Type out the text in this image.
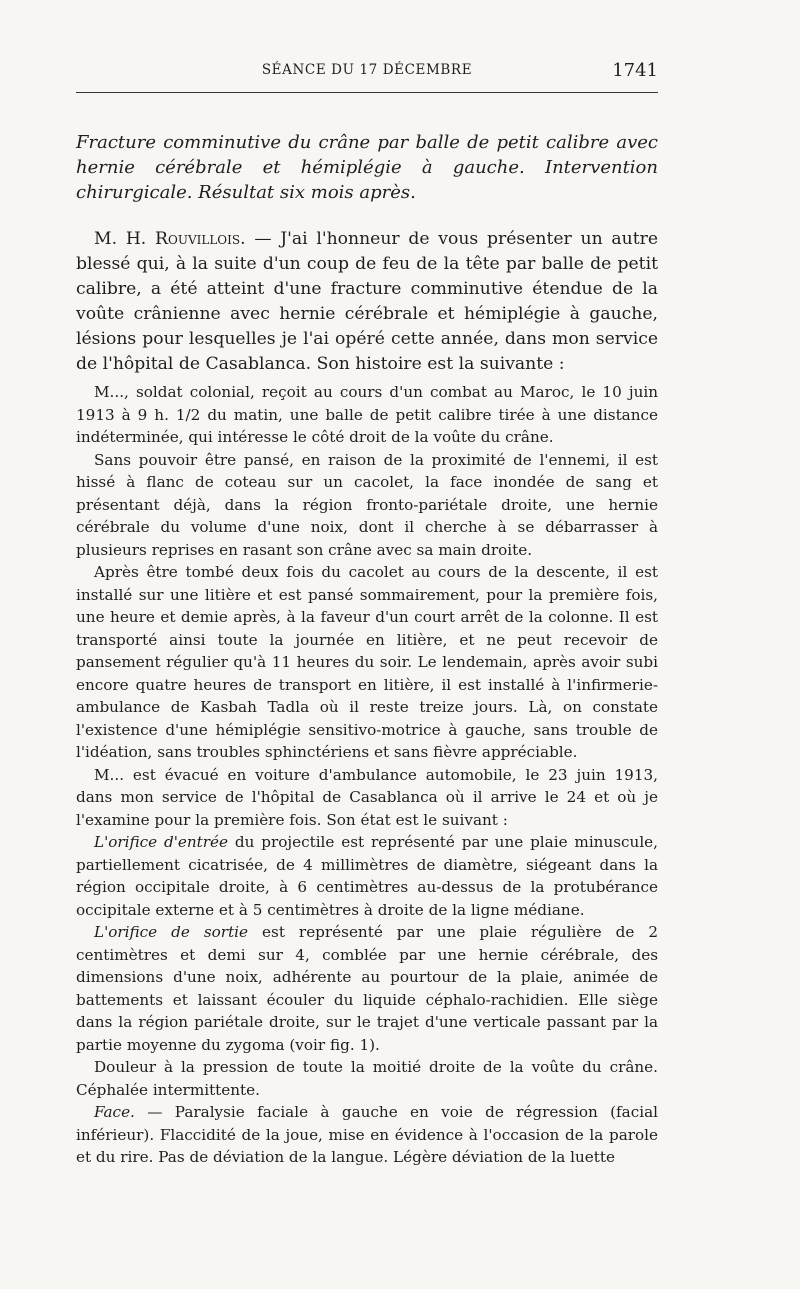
SÉANCE DU 17 DÉCEMBRE	1741
Fracture comminutive du crâne par balle de petit calibre avec hernie cérébrale et hémiplégie à gauche. Intervention chirurgicale. Résultat six mois après.
M. H. Rouvillois. — J'ai l'honneur de vous présenter un autre blessé qui, à la suite d'un coup de feu de la tête par balle de petit calibre, a été atteint d'une fracture comminutive étendue de la voûte crânienne avec hernie cérébrale et hémiplégie à gauche, lésions pour lesquelles je l'ai opéré cette année, dans mon service de l'hôpital de Casablanca. Son histoire est la suivante :

M..., soldat colonial, reçoit au cours d'un combat au Maroc, le 10 juin 1913 à 9 h. 1/2 du matin, une balle de petit calibre tirée à une distance indéterminée, qui intéresse le côté droit de la voûte du crâne.

Sans pouvoir être pansé, en raison de la proximité de l'ennemi, il est hissé à flanc de coteau sur un cacolet, la face inondée de sang et présentant déjà, dans la région fronto-pariétale droite, une hernie cérébrale du volume d'une noix, dont il cherche à se débarrasser à plusieurs reprises en rasant son crâne avec sa main droite.

Après être tombé deux fois du cacolet au cours de la descente, il est installé sur une litière et est pansé sommairement, pour la première fois, une heure et demie après, à la faveur d'un court arrêt de la colonne. Il est transporté ainsi toute la journée en litière, et ne peut recevoir de pansement régulier qu'à 11 heures du soir. Le lendemain, après avoir subi encore quatre heures de transport en litière, il est installé à l'infirmerie-ambulance de Kasbah Tadla où il reste treize jours. Là, on constate l'existence d'une hémiplégie sensitivo-motrice à gauche, sans trouble de l'idéation, sans troubles sphinctériens et sans fièvre appréciable.

M... est évacué en voiture d'ambulance automobile, le 23 juin 1913, dans mon service de l'hôpital de Casablanca où il arrive le 24 et où je l'examine pour la première fois. Son état est le suivant :

L'orifice d'entrée du projectile est représenté par une plaie minuscule, partiellement cicatrisée, de 4 millimètres de diamètre, siégeant dans la région occipitale droite, à 6 centimètres au-dessus de la protubérance occipitale externe et à 5 centimètres à droite de la ligne médiane.

L'orifice de sortie est représenté par une plaie régulière de 2 centimètres et demi sur 4, comblée par une hernie cérébrale, des dimensions d'une noix, adhérente au pourtour de la plaie, animée de battements et laissant écouler du liquide céphalo-rachidien. Elle siège dans la région pariétale droite, sur le trajet d'une verticale passant par la partie moyenne du zygoma (voir fig. 1).

Douleur à la pression de toute la moitié droite de la voûte du crâne. Céphalée intermittente.

Face. — Paralysie faciale à gauche en voie de régression (facial inférieur). Flaccidité de la joue, mise en évidence à l'occasion de la parole et du rire. Pas de déviation de la langue. Légère déviation de la luette
